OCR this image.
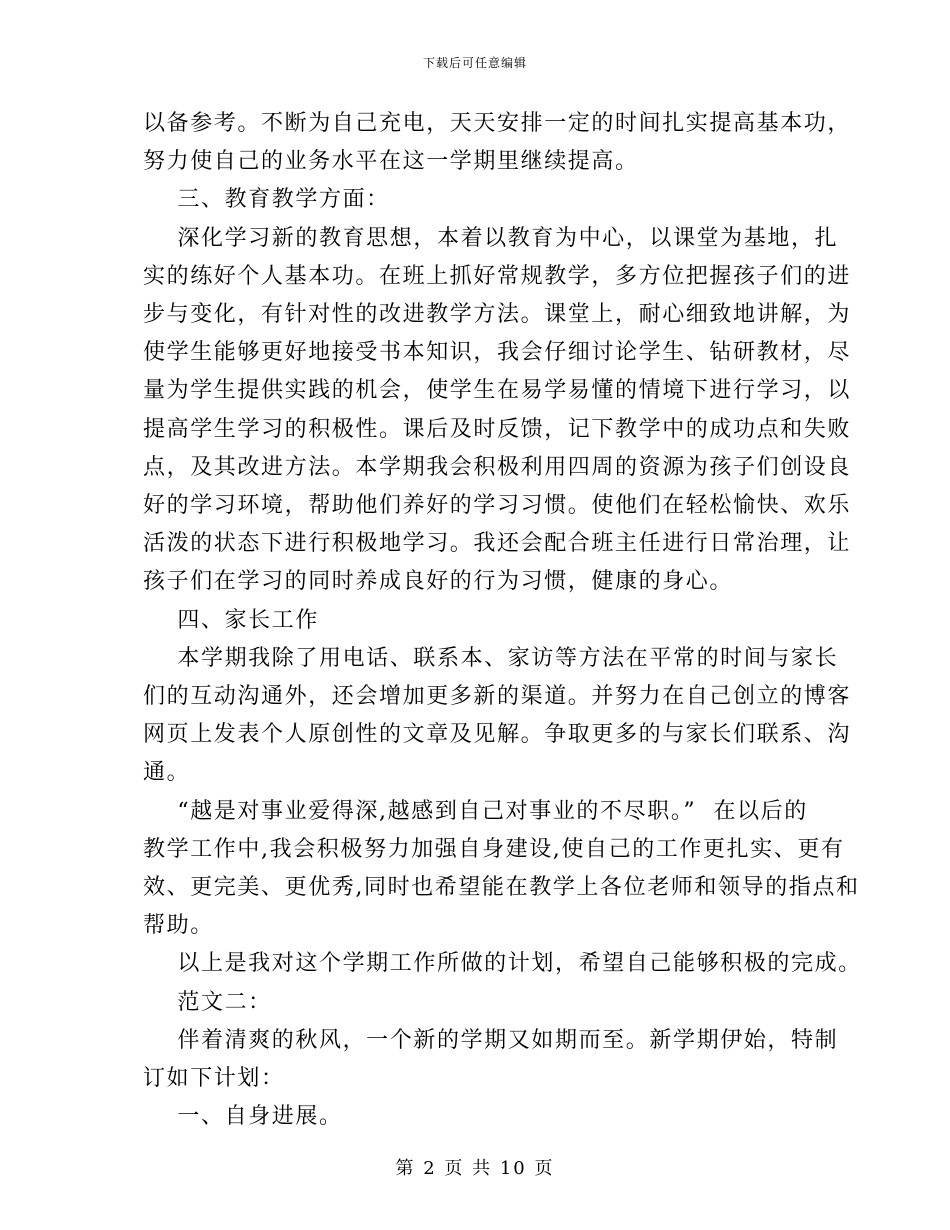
下载后可任意编辑
以备参考。不断为自己充电，天天安排一定的时间扎实提高基本功，
努力使自己的业务水平在这一学期里继续提高。
三、教育教学方面：
深化学习新的教育思想，本着以教育为中心，以课堂为基地，扎
实的练好个人基本功。在班上抓好常规教学，多方位把握孩子们的进
步与变化，有针对性的改进教学方法。课堂上，耐心细致地讲解，为
使学生能够更好地接受书本知识，我会仔细讨论学生、钻研教材，尽
量为学生提供实践的机会，使学生在易学易懂的情境下进行学习，以
提高学生学习的积极性。课后及时反馈，记下教学中的成功点和失败
点，及其改进方法。本学期我会积极利用四周的资源为孩子们创设良
好的学习环境，帮助他们养好的学习习惯。使他们在轻松愉快、欢乐
活泼的状态下进行积极地学习。我还会配合班主任进行日常治理，让
孩子们在学习的同时养成良好的行为习惯，健康的身心。
四、家长工作
本学期我除了用电话、联系本、家访等方法在平常的时间与家长
们的互动沟通外，还会增加更多新的渠道。并努力在自己创立的博客
网页上发表个人原创性的文章及见解。争取更多的与家长们联系、沟
通。
“越是对事业爱得深,越感到自己对事业的不尽职。”  在以后的
教学工作中,我会积极努力加强自身建设,使自己的工作更扎实、更有
效、更完美、更优秀,同时也希望能在教学上各位老师和领导的指点和
帮助。
以上是我对这个学期工作所做的计划，希望自己能够积极的完成。
范文二：
伴着清爽的秋风，一个新的学期又如期而至。新学期伊始，特制
订如下计划：
一、自身进展。
第 2 页 共 10 页
